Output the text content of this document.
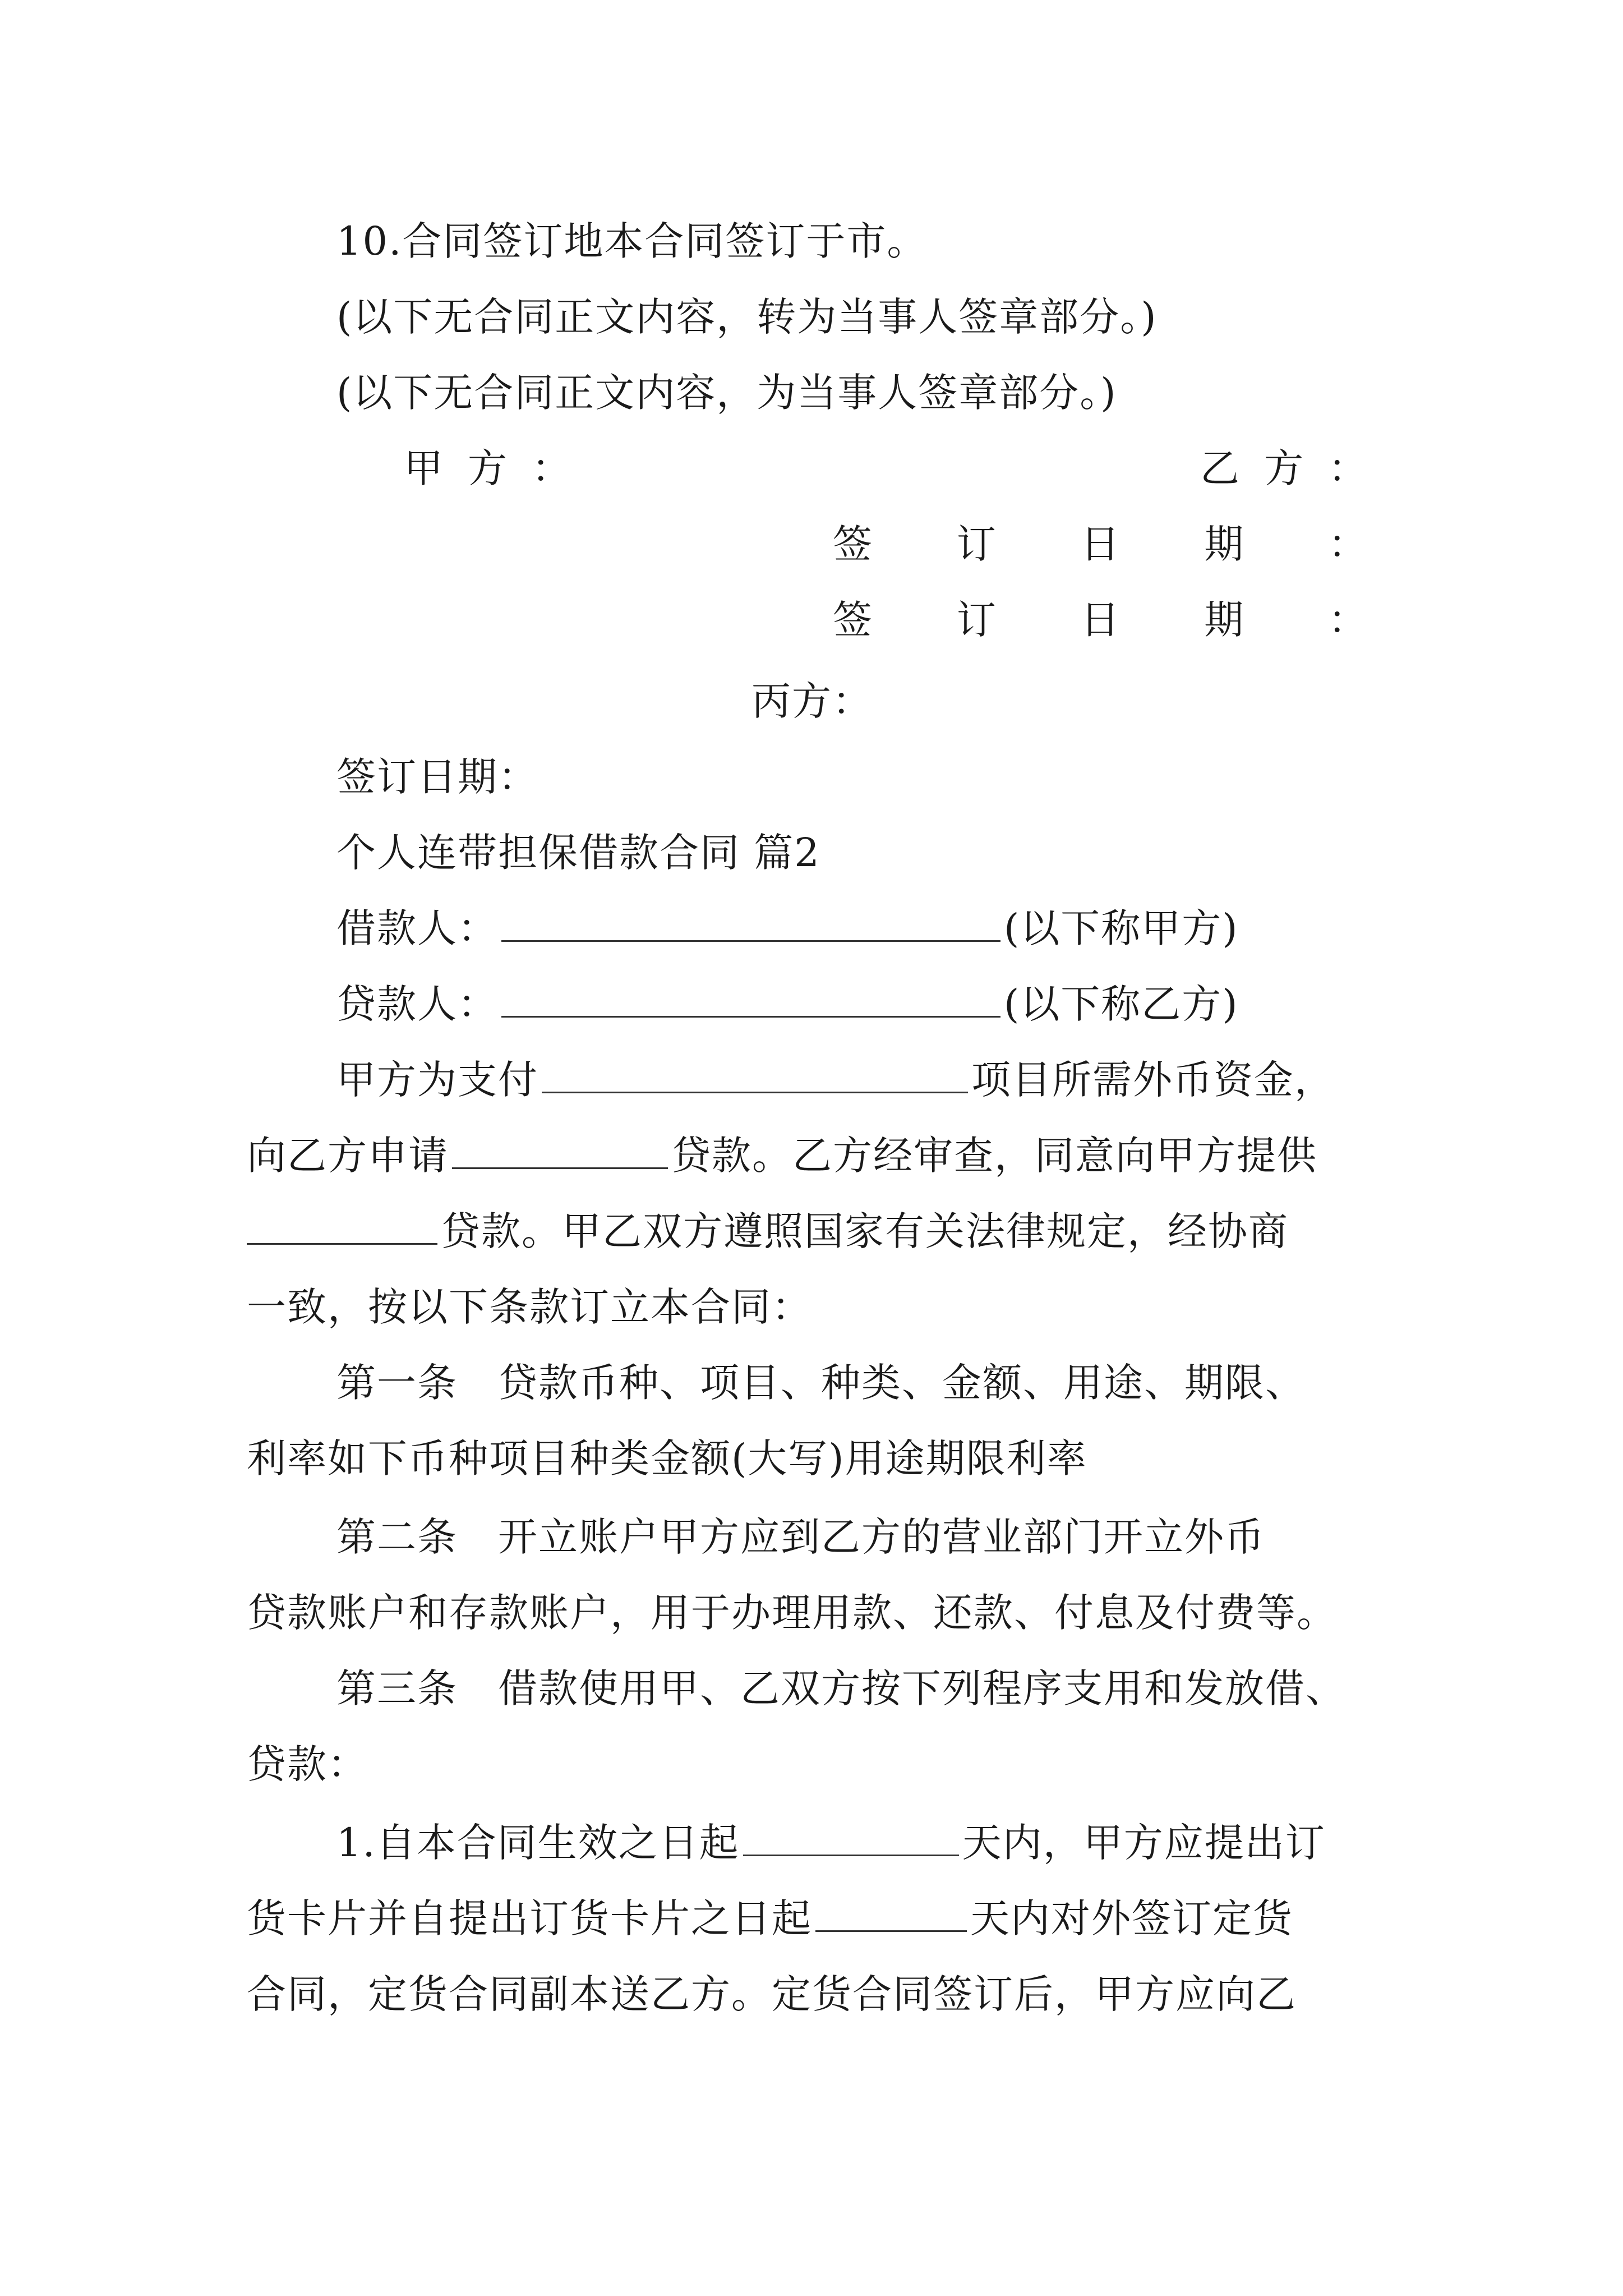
10.合同签订地本合同签订于市。
(以下无合同正文内容，转为当事人签章部分。)
(以下无合同正文内容，为当事人签章部分。)
甲 方 ：	乙 方 ：
签 订 日 期 ：
签 订 日 期 ：
丙方：
签订日期：
个人连带担保借款合同 篇2
借款人：	(以下称甲方)
贷款人：	(以下称乙方)
甲方为支付	项目所需外币资金，
向乙方申请	贷款。乙方经审查，同意向甲方提供
贷款。甲乙双方遵照国家有关法律规定，经协商
一致，按以下条款订立本合同：
第一条　贷款币种、项目、种类、金额、用途、期限、
利率如下币种项目种类金额(大写)用途期限利率
第二条　开立账户甲方应到乙方的营业部门开立外币
贷款账户和存款账户，用于办理用款、还款、付息及付费等。
第三条　借款使用甲、乙双方按下列程序支用和发放借、
贷款：
1.自本合同生效之日起	天内，甲方应提出订
货卡片并自提出订货卡片之日起	天内对外签订定货
合同，定货合同副本送乙方。定货合同签订后，甲方应向乙
